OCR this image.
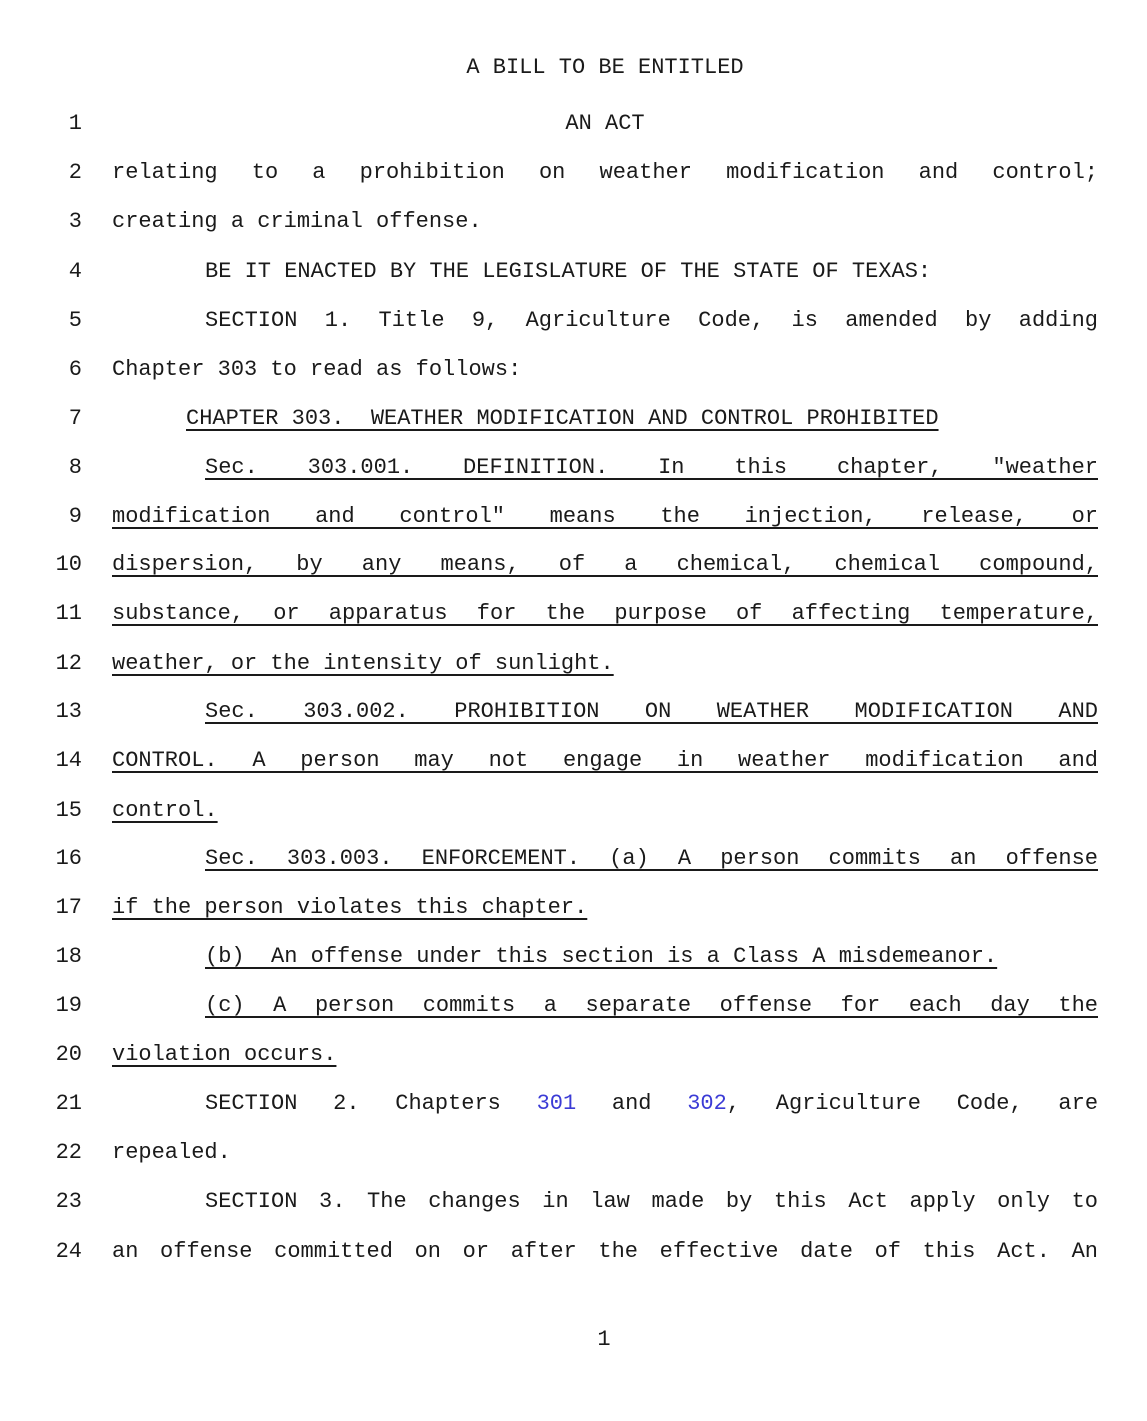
A BILL TO BE ENTITLED
1	AN ACT
2 relating to a prohibition on weather modification and control;
3 creating a criminal offense.
4	BE IT ENACTED BY THE LEGISLATURE OF THE STATE OF TEXAS:
5	SECTION 1. Title 9, Agriculture Code, is amended by adding
6 Chapter 303 to read as follows:
7	CHAPTER 303.  WEATHER MODIFICATION AND CONTROL PROHIBITED
8	Sec. 303.001. DEFINITION. In this chapter, "weather
9 modification and control" means the injection, release, or
10 dispersion, by any means, of a chemical, chemical compound,
11 substance, or apparatus for the purpose of affecting temperature,
12 weather, or the intensity of sunlight.
13	Sec. 303.002. PROHIBITION ON WEATHER MODIFICATION AND
14 CONTROL. A person may not engage in weather modification and
15 control.
16	Sec. 303.003. ENFORCEMENT. (a) A person commits an offense
17 if the person violates this chapter.
18	(b)  An offense under this section is a Class A misdemeanor.
19	(c) A person commits a separate offense for each day the
20 violation occurs.
21	SECTION 2. Chapters 301 and 302, Agriculture Code, are
22 repealed.
23	SECTION 3. The changes in law made by this Act apply only to
24 an offense committed on or after the effective date of this Act. An
1
